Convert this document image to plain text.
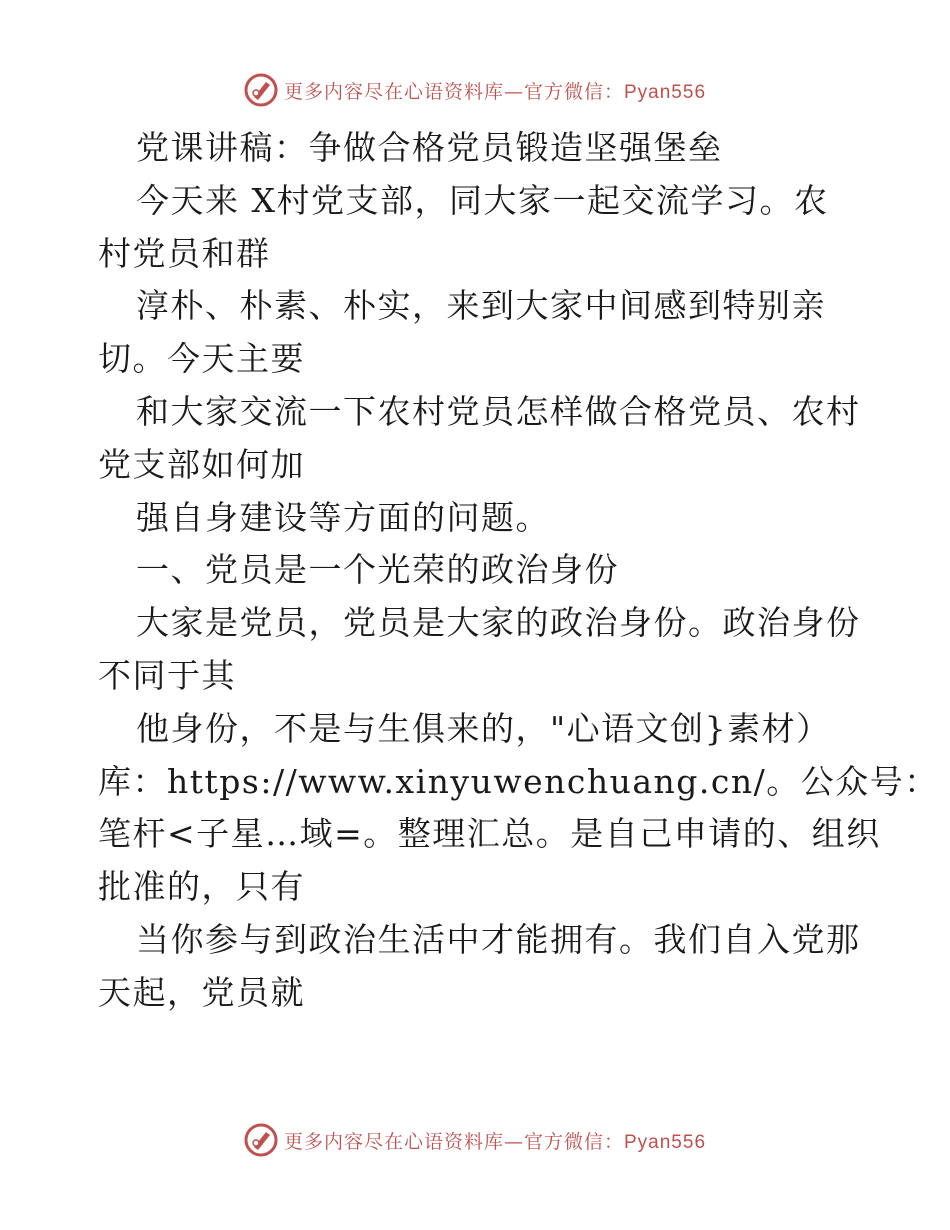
更多内容尽在心语资料库—官方微信：Pyan556
党课讲稿：争做合格党员锻造坚强堡垒
今天来 X村党支部，同大家一起交流学习。农
村党员和群
淳朴、朴素、朴实，来到大家中间感到特别亲
切。今天主要
和大家交流一下农村党员怎样做合格党员、农村
党支部如何加
强自身建设等方面的问题。
一、党员是一个光荣的政治身份
大家是党员，党员是大家的政治身份。政治身份
不同于其
他身份，不是与生俱来的，"心语文创}素材）
库：https://www.xinyuwenchuang.cn/。公众号：
笔杆<子星…域=。整理汇总。是自己申请的、组织
批准的，只有
当你参与到政治生活中才能拥有。我们自入党那
天起，党员就
更多内容尽在心语资料库—官方微信：Pyan556
